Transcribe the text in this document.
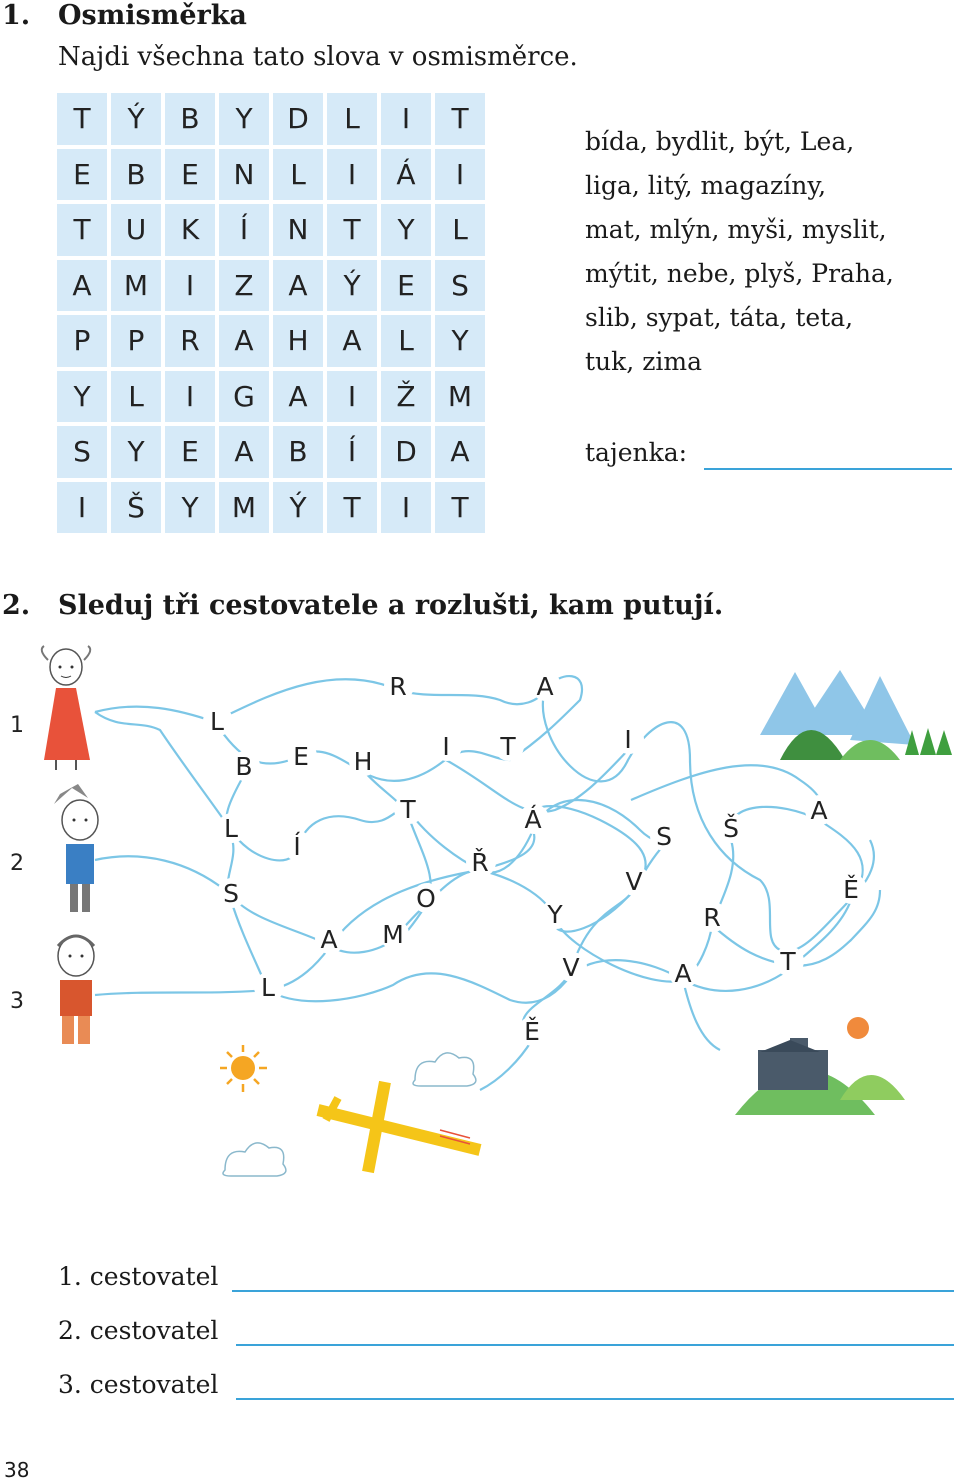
1. Osmisměrka
Najdi všechna tato slova v osmisměrce.
T	Ý	B	Y	D	L	I	T
E	B	E	N	L	I	Á	I
T	U	K	Í	N	T	Y	L
A	M	I	Z	A	Ý	E	S
P	P	R	A	H	A	L	Y
Y	L	I	G	A	I	Ž	M
S	Y	E	A	B	Í	D	A
I	Š	Y	M	Ý	T	I	T
bída, bydlit, být, Lea,
liga, litý, magazíny,
mat, mlýn, myši, myslit,
mýtit, nebe, plyš, Praha,
slib, sypat, táta, teta,
tuk, zima
tajenka:
2. Sleduj tři cestovatele a rozlušti, kam putují.
1
2
3
R	A
L
B E H
I T	I
L
T	Á
S Š
A
Í
Ř
V	Ě
S	O
Y	R
A M
V	A	T
L
Ě
1. cestovatel
2. cestovatel
3. cestovatel
38
